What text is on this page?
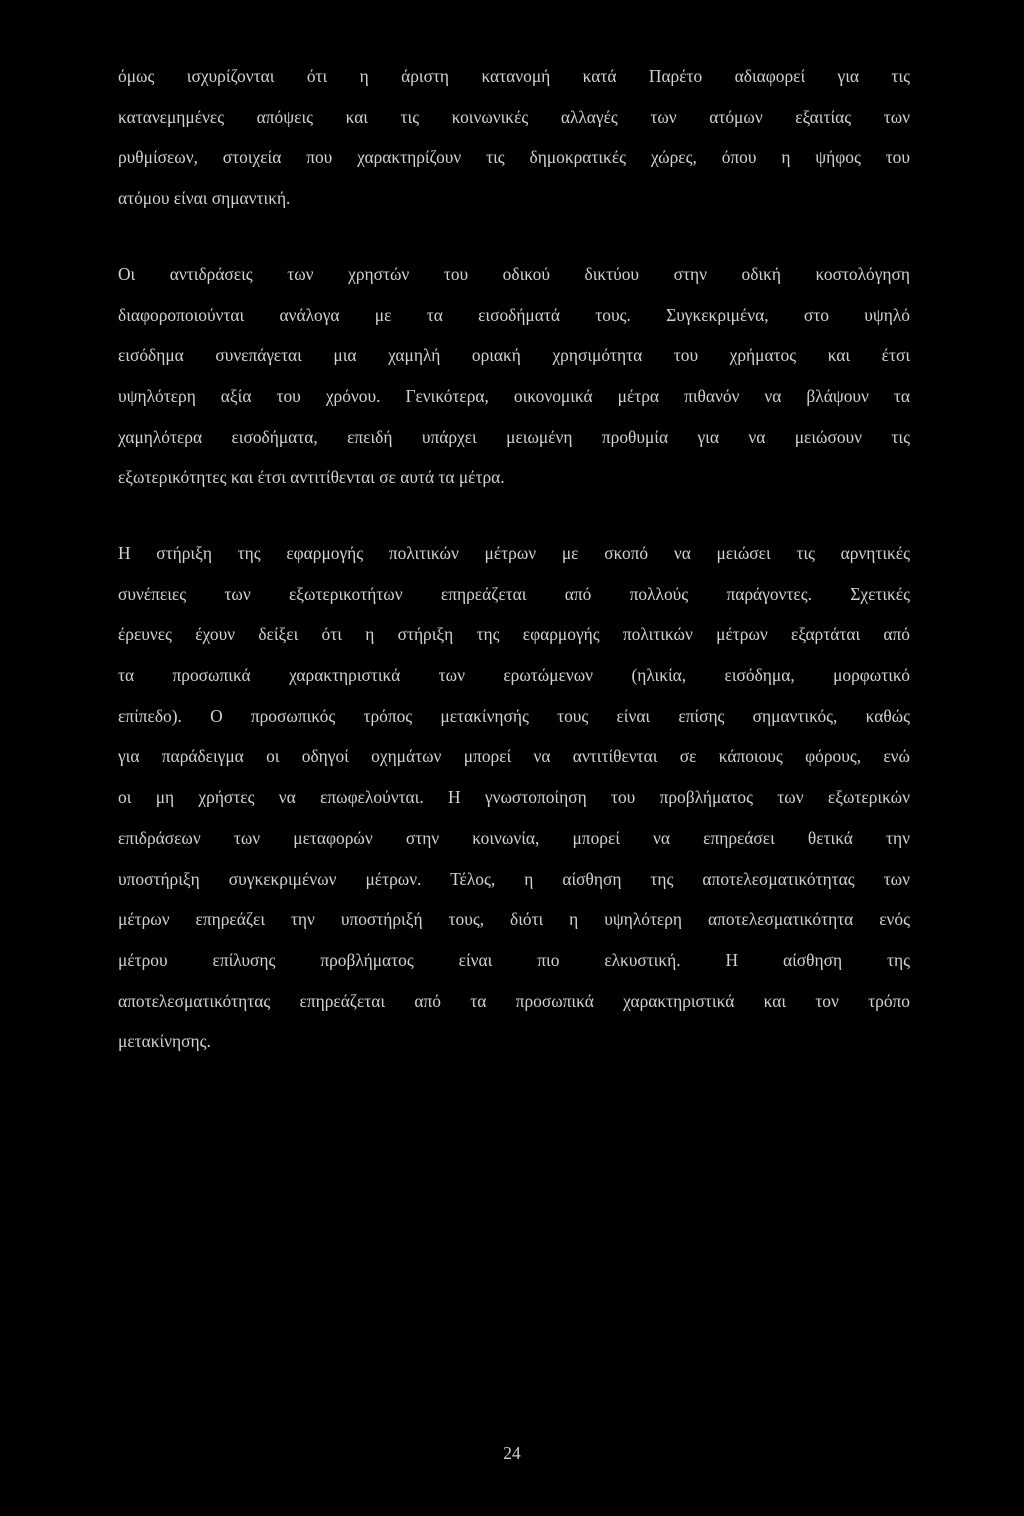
όμως ισχυρίζονται ότι η άριστη κατανομή κατά Παρέτο αδιαφορεί για τις
κατανεμημένες απόψεις και τις κοινωνικές αλλαγές των ατόμων εξαιτίας των
ρυθμίσεων, στοιχεία που χαρακτηρίζουν τις δημοκρατικές χώρες, όπου η ψήφος του
ατόμου είναι σημαντική.
Οι αντιδράσεις των χρηστών του οδικού δικτύου στην οδική κοστολόγηση
διαφοροποιούνται ανάλογα με τα εισοδήματά τους. Συγκεκριμένα, στο υψηλό
εισόδημα συνεπάγεται μια χαμηλή οριακή χρησιμότητα του χρήματος και έτσι
υψηλότερη αξία του χρόνου. Γενικότερα, οικονομικά μέτρα πιθανόν να βλάψουν τα
χαμηλότερα εισοδήματα, επειδή υπάρχει μειωμένη προθυμία για να μειώσουν τις
εξωτερικότητες και έτσι αντιτίθενται σε αυτά τα μέτρα.
Η στήριξη της εφαρμογής πολιτικών μέτρων με σκοπό να μειώσει τις αρνητικές
συνέπειες των εξωτερικοτήτων επηρεάζεται από πολλούς παράγοντες. Σχετικές
έρευνες έχουν δείξει ότι η στήριξη της εφαρμογής πολιτικών μέτρων εξαρτάται από
τα προσωπικά χαρακτηριστικά των ερωτώμενων (ηλικία, εισόδημα, μορφωτικό
επίπεδο). Ο προσωπικός τρόπος μετακίνησής τους είναι επίσης σημαντικός, καθώς
για παράδειγμα οι οδηγοί οχημάτων μπορεί να αντιτίθενται σε κάποιους φόρους, ενώ
οι μη χρήστες να επωφελούνται. Η γνωστοποίηση του προβλήματος των εξωτερικών
επιδράσεων των μεταφορών στην κοινωνία, μπορεί να επηρεάσει θετικά την
υποστήριξη συγκεκριμένων μέτρων. Τέλος, η αίσθηση της αποτελεσματικότητας των
μέτρων επηρεάζει την υποστήριξή τους, διότι η υψηλότερη αποτελεσματικότητα ενός
μέτρου επίλυσης προβλήματος είναι πιο ελκυστική. Η αίσθηση της
αποτελεσματικότητας επηρεάζεται από τα προσωπικά χαρακτηριστικά και τον τρόπο
μετακίνησης.
24
